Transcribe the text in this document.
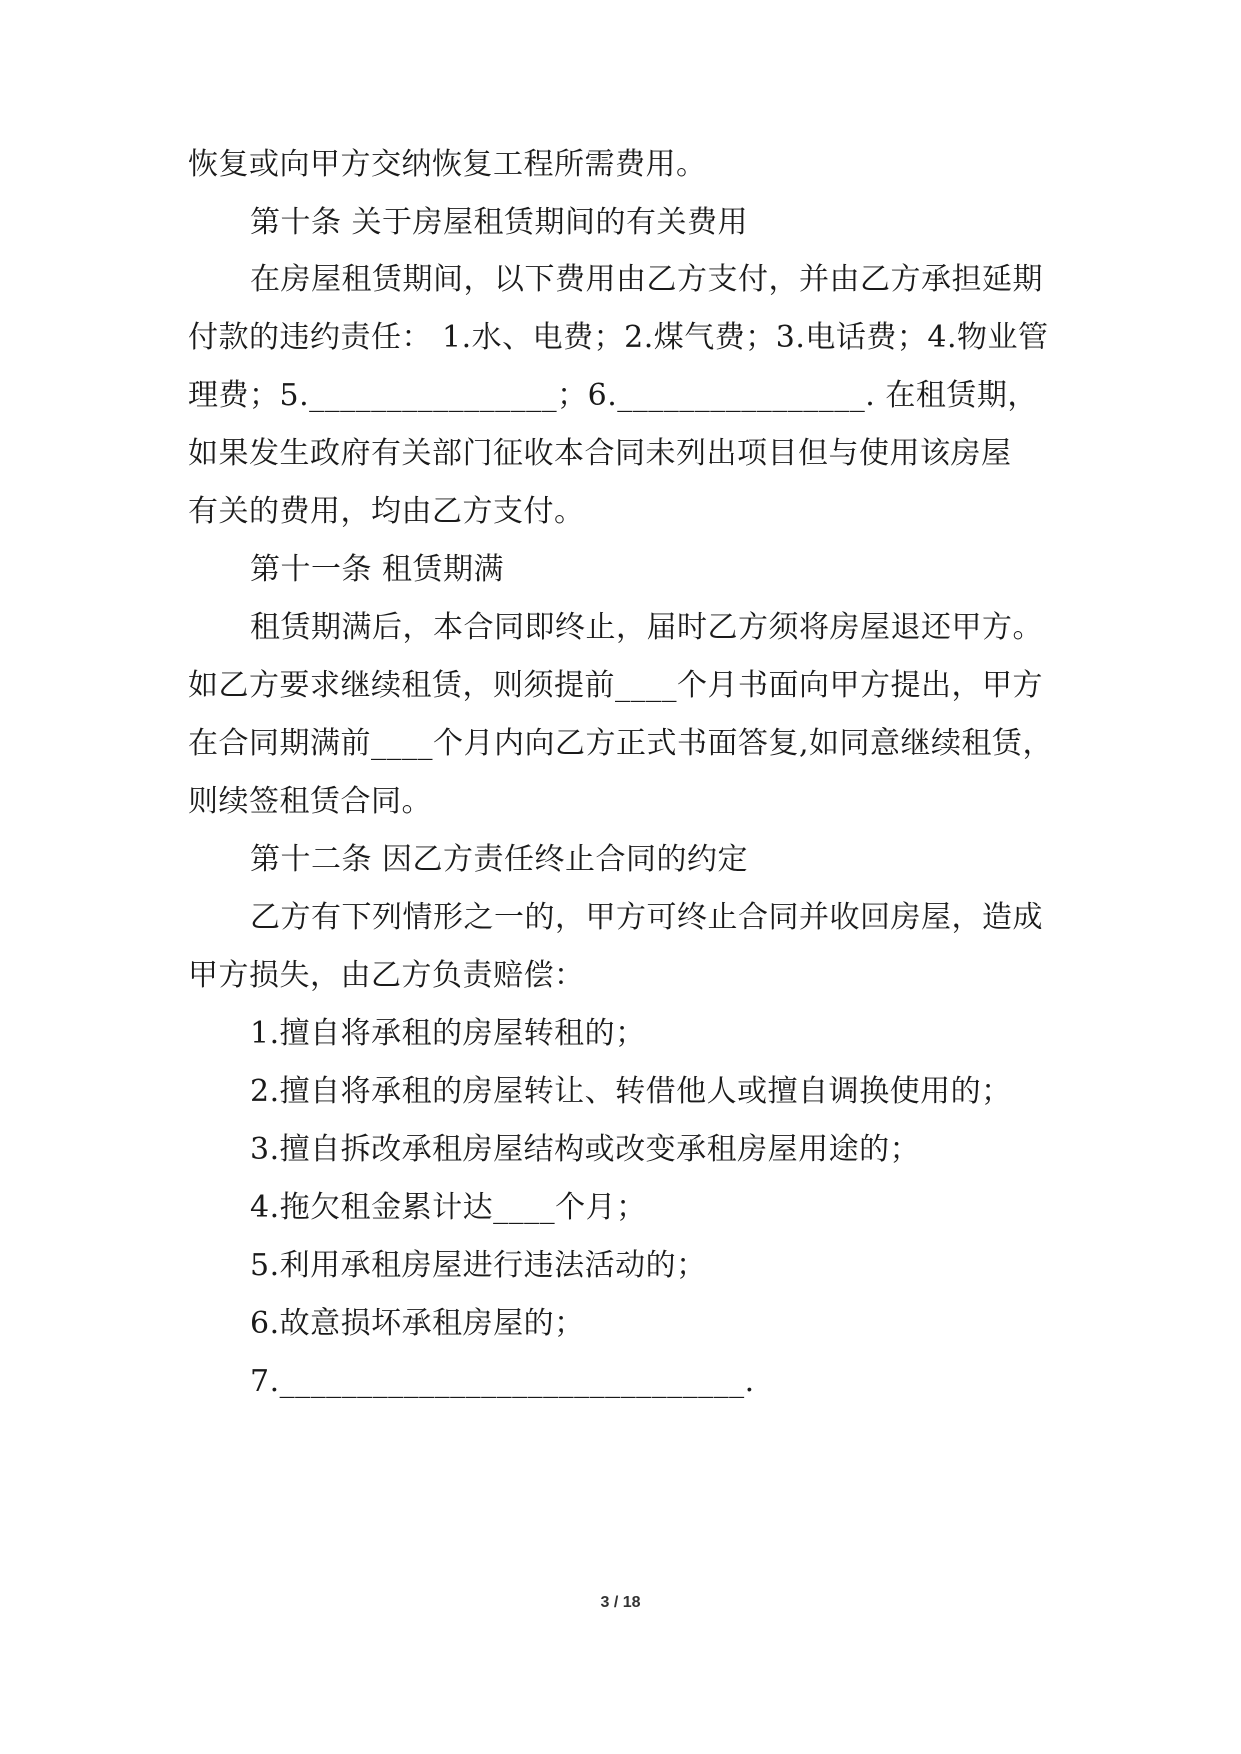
恢复或向甲方交纳恢复工程所需费用。
第十条 关于房屋租赁期间的有关费用
在房屋租赁期间，以下费用由乙方支付，并由乙方承担延期
付款的违约责任： 1.水、电费；2.煤气费；3.电话费；4.物业管
理费；5.________________；6.________________. 在租赁期，
如果发生政府有关部门征收本合同未列出项目但与使用该房屋
有关的费用，均由乙方支付。
第十一条 租赁期满
租赁期满后，本合同即终止，届时乙方须将房屋退还甲方。
如乙方要求继续租赁，则须提前____个月书面向甲方提出，甲方
在合同期满前____个月内向乙方正式书面答复,如同意继续租赁，
则续签租赁合同。
第十二条 因乙方责任终止合同的约定
乙方有下列情形之一的，甲方可终止合同并收回房屋，造成
甲方损失，由乙方负责赔偿：
1.擅自将承租的房屋转租的；
2.擅自将承租的房屋转让、转借他人或擅自调换使用的；
3.擅自拆改承租房屋结构或改变承租房屋用途的；
4.拖欠租金累计达____个月；
5.利用承租房屋进行违法活动的；
6.故意损坏承租房屋的；
7.______________________________.
3 / 18
